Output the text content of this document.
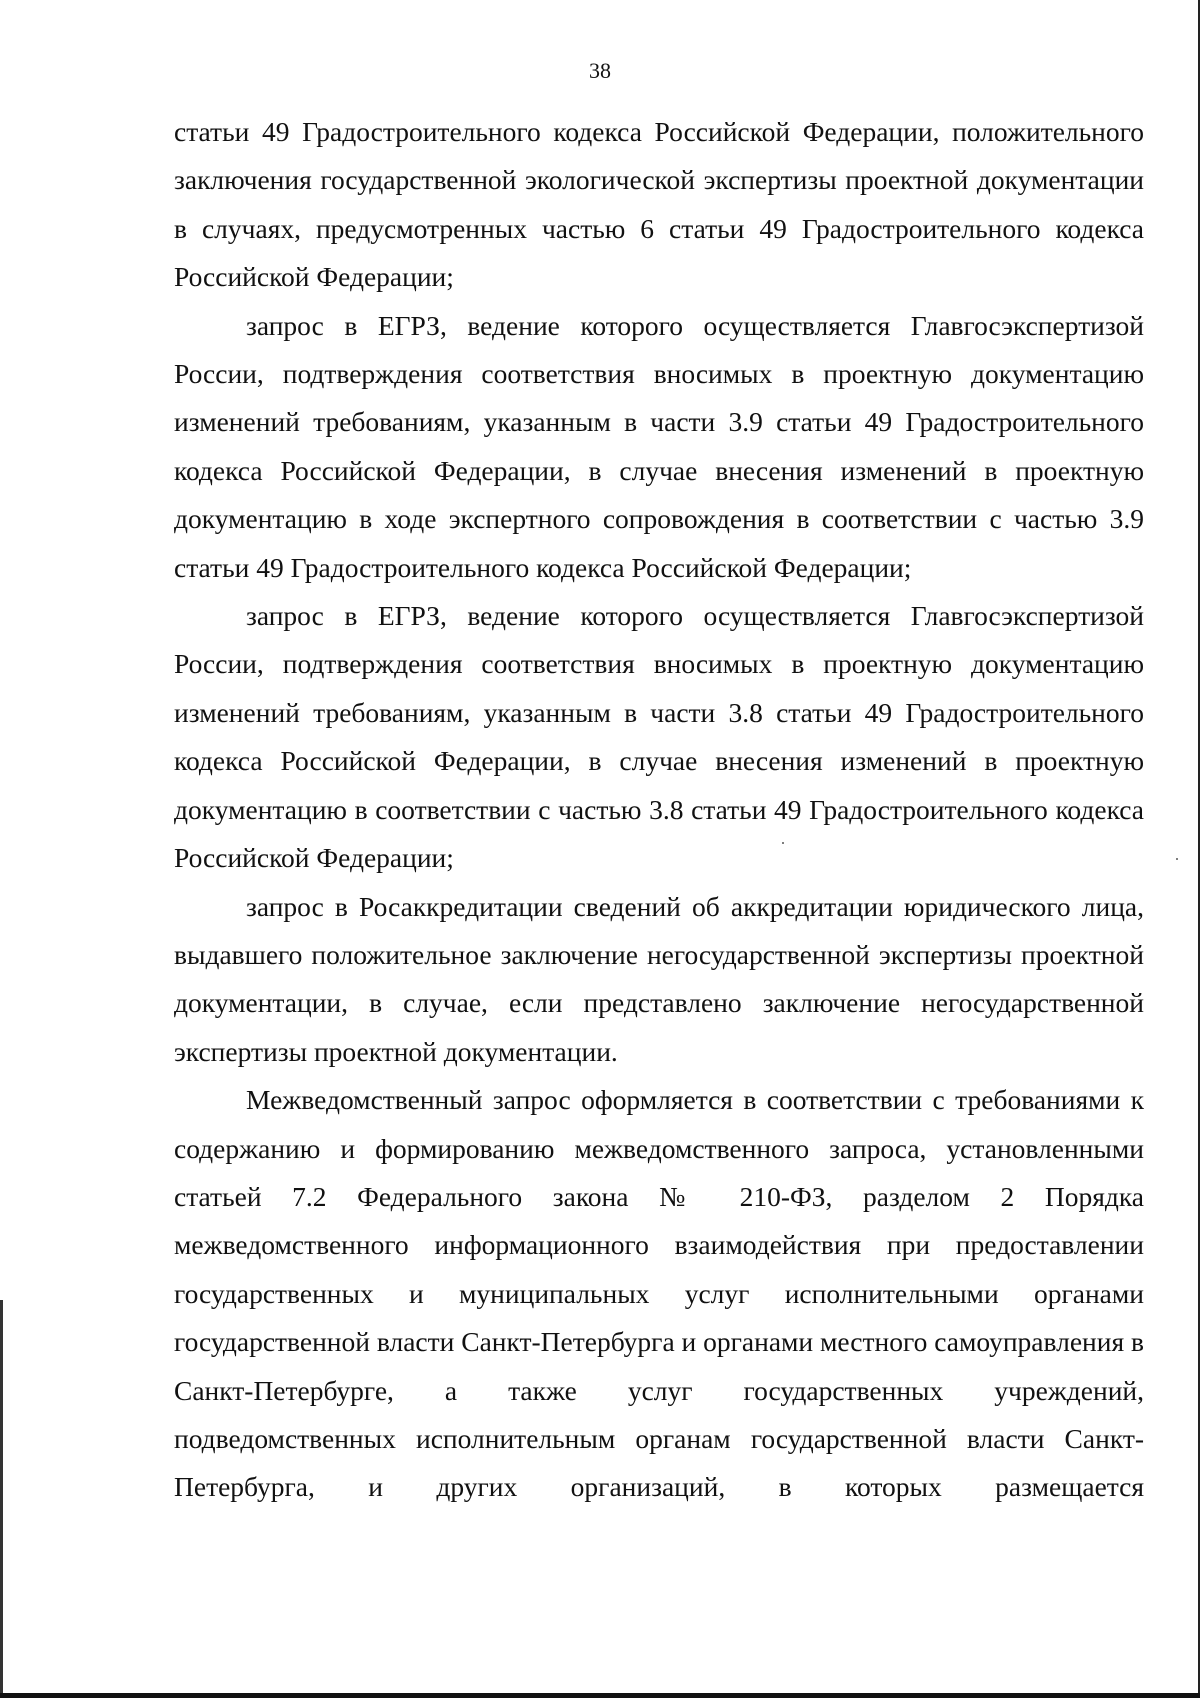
38

статьи 49 Градостроительного кодекса Российской Федерации, положительного заключения государственной экологической экспертизы проектной документации в случаях, предусмотренных частью 6 статьи 49 Градостроительного кодекса Российской Федерации;

запрос в ЕГРЗ, ведение которого осуществляется Главгосэкспертизой России, подтверждения соответствия вносимых в проектную документацию изменений требованиям, указанным в части 3.9 статьи 49 Градостроительного кодекса Российской Федерации, в случае внесения изменений в проектную документацию в ходе экспертного сопровождения в соответствии с частью 3.9 статьи 49 Градостроительного кодекса Российской Федерации;

запрос в ЕГРЗ, ведение которого осуществляется Главгосэкспертизой России, подтверждения соответствия вносимых в проектную документацию изменений требованиям, указанным в части 3.8 статьи 49 Градостроительного кодекса Российской Федерации, в случае внесения изменений в проектную документацию в соответствии с частью 3.8 статьи 49 Градостроительного кодекса Российской Федерации;

запрос в Росаккредитации сведений об аккредитации юридического лица, выдавшего положительное заключение негосударственной экспертизы проектной документации, в случае, если представлено заключение негосударственной экспертизы проектной документации.

Межведомственный запрос оформляется в соответствии с требованиями к содержанию и формированию межведомственного запроса, установленными статьей 7.2 Федерального закона № 210-ФЗ, разделом 2 Порядка межведомственного информационного взаимодействия при предоставлении государственных и муниципальных услуг исполнительными органами государственной власти Санкт-Петербурга и органами местного самоуправления в Санкт-Петербурге, а также услуг государственных учреждений, подведомственных исполнительным органам государственной власти Санкт-Петербурга, и других организаций, в которых размещается
